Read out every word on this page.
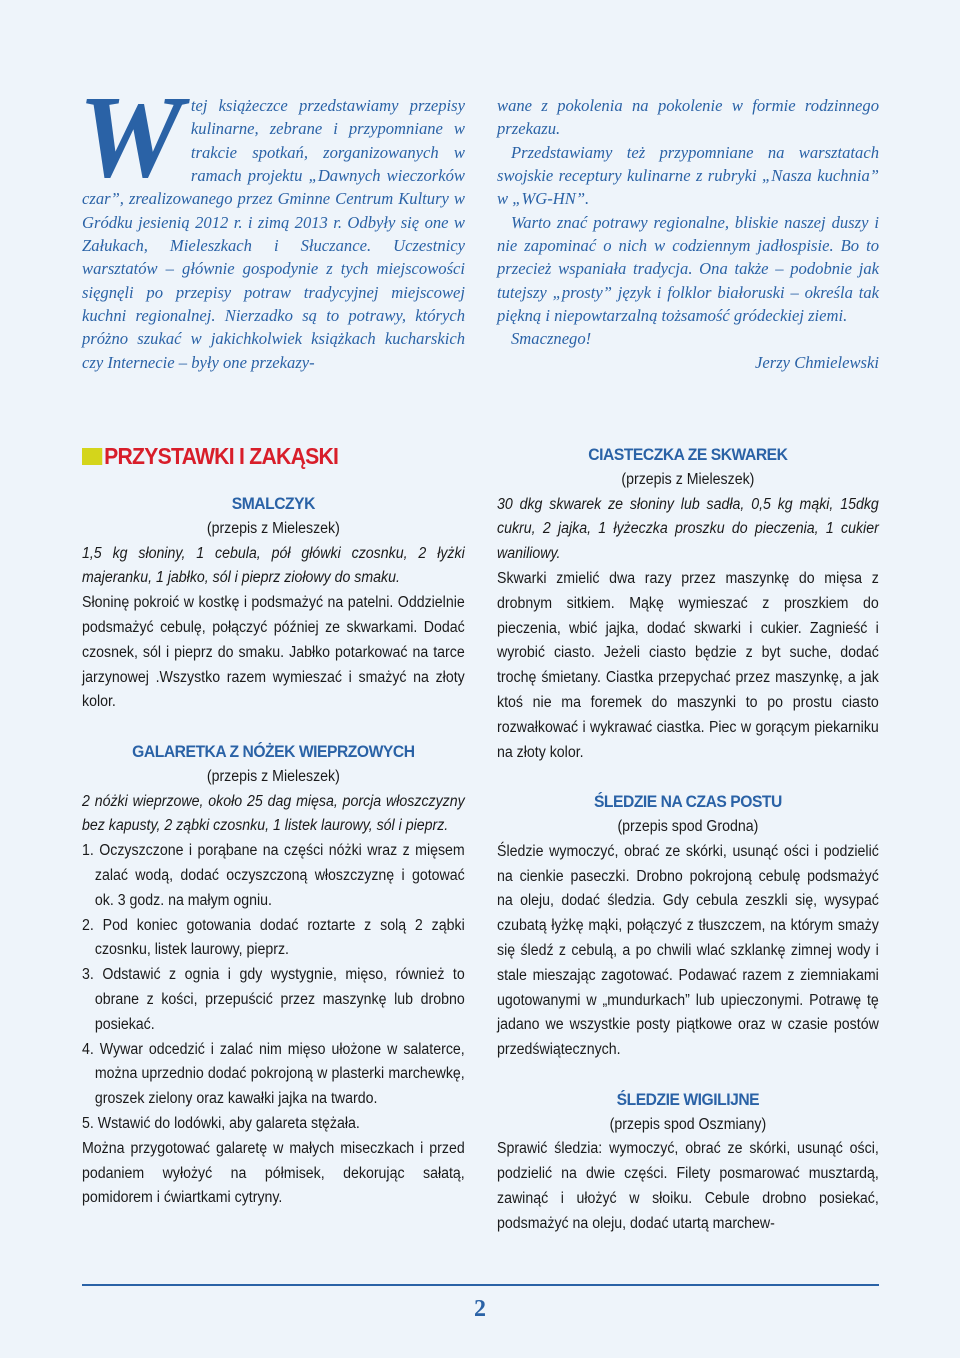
W tej książeczce przedstawiamy przepisy kulinarne, zebrane i przypomniane w trakcie spotkań, zorganizowanych w ramach projektu „Dawnych wieczorków czar”, zrealizowanego przez Gminne Centrum Kultury w Gródku jesienią 2012 r. i zimą 2013 r. Odbyły się one w Załukach, Mieleszkach i Słuczance. Uczestnicy warsztatów – głównie gospodynie z tych miejscowości sięgnęli po przepisy potraw tradycyjnej miejscowej kuchni regionalnej. Nierzadko są to potrawy, których próżno szukać w jakichkolwiek książkach kucharskich czy Internecie – były one przekazy-

wane z pokolenia na pokolenie w formie rodzinnego przekazu.

Przedstawiamy też przypomniane na warsztatach swojskie receptury kulinarne z rubryki „Nasza kuchnia” w „WG-HN”.

Warto znać potrawy regionalne, bliskie naszej duszy i nie zapominać o nich w codziennym jadłospisie. Bo to przecież wspaniała tradycja. Ona także – podobnie jak tutejszy „prosty” język i folklor białoruski – określa tak piękną i niepowtarzalną tożsamość gródeckiej ziemi.

Smacznego!

Jerzy Chmielewski

PRZYSTAWKI I ZAKĄSKI
SMALCZYK

(przepis z Mieleszek)

1,5 kg słoniny, 1 cebula, pół główki czosnku, 2 łyżki majeranku, 1 jabłko, sól i pieprz ziołowy do smaku.

Słoninę pokroić w kostkę i podsmażyć na patelni. Oddzielnie podsmażyć cebulę, połączyć później ze skwarkami. Dodać czosnek, sól i pieprz do smaku. Jabłko potarkować na tarce jarzynowej .Wszystko razem wymieszać i smażyć na złoty kolor.

GALARETKA Z NÓŻEK WIEPRZOWYCH

(przepis z Mieleszek)

2 nóżki wieprzowe, około 25 dag mięsa, porcja włoszczyzny bez kapusty, 2 ząbki czosnku, 1 listek laurowy, sól i pieprz.

1. Oczyszczone i porąbane na części nóżki wraz z mięsem zalać wodą, dodać oczyszczoną włoszczyznę i gotować ok. 3 godz. na małym ogniu.

2. Pod koniec gotowania dodać roztarte z solą 2 ząbki czosnku, listek laurowy, pieprz.

3. Odstawić z ognia i gdy wystygnie, mięso, również to obrane z kości, przepuścić przez maszynkę lub drobno posiekać.

4. Wywar odcedzić i zalać nim mięso ułożone w salaterce, można uprzednio dodać pokrojoną w plasterki marchewkę, groszek zielony oraz kawałki jajka na twardo.

5. Wstawić do lodówki, aby galareta stężała.

Można przygotować galaretę w małych miseczkach i przed podaniem wyłożyć na półmisek, dekorując sałatą, pomidorem i ćwiartkami cytryny.

CIASTECZKA ZE SKWAREK

(przepis z Mieleszek)

30 dkg skwarek ze słoniny lub sadła, 0,5 kg mąki, 15dkg cukru, 2 jajka, 1 łyżeczka proszku do pieczenia, 1 cukier waniliowy.

Skwarki zmielić dwa razy przez maszynkę do mięsa z drobnym sitkiem. Mąkę wymieszać z proszkiem do pieczenia, wbić jajka, dodać skwarki i cukier. Zagnieść i wyrobić ciasto. Jeżeli ciasto będzie z byt suche, dodać trochę śmietany. Ciastka przepychać przez maszynkę, a jak ktoś nie ma foremek do maszynki to po prostu ciasto rozwałkować i wykrawać ciastka. Piec w gorącym piekarniku na złoty kolor.

ŚLEDZIE NA CZAS POSTU

(przepis spod Grodna)

Śledzie wymoczyć, obrać ze skórki, usunąć ości i podzielić na cienkie paseczki. Drobno pokrojoną cebulę podsmażyć na oleju, dodać śledzia. Gdy cebula zeszkli się, wysypać czubatą łyżkę mąki, połączyć z tłuszczem, na którym smaży się śledź z cebulą, a po chwili wlać szklankę zimnej wody i stale mieszając zagotować. Podawać razem z ziemniakami ugotowanymi w „mundurkach” lub upieczonymi. Potrawę tę jadano we wszystkie posty piątkowe oraz w czasie postów przedświątecznych.

ŚLEDZIE WIGILIJNE

(przepis spod Oszmiany)

Sprawić śledzia: wymoczyć, obrać ze skórki, usunąć ości, podzielić na dwie części. Filety posmarować musztardą, zawinąć i ułożyć w słoiku. Cebule drobno posiekać, podsmażyć na oleju, dodać utartą marchew-

2
